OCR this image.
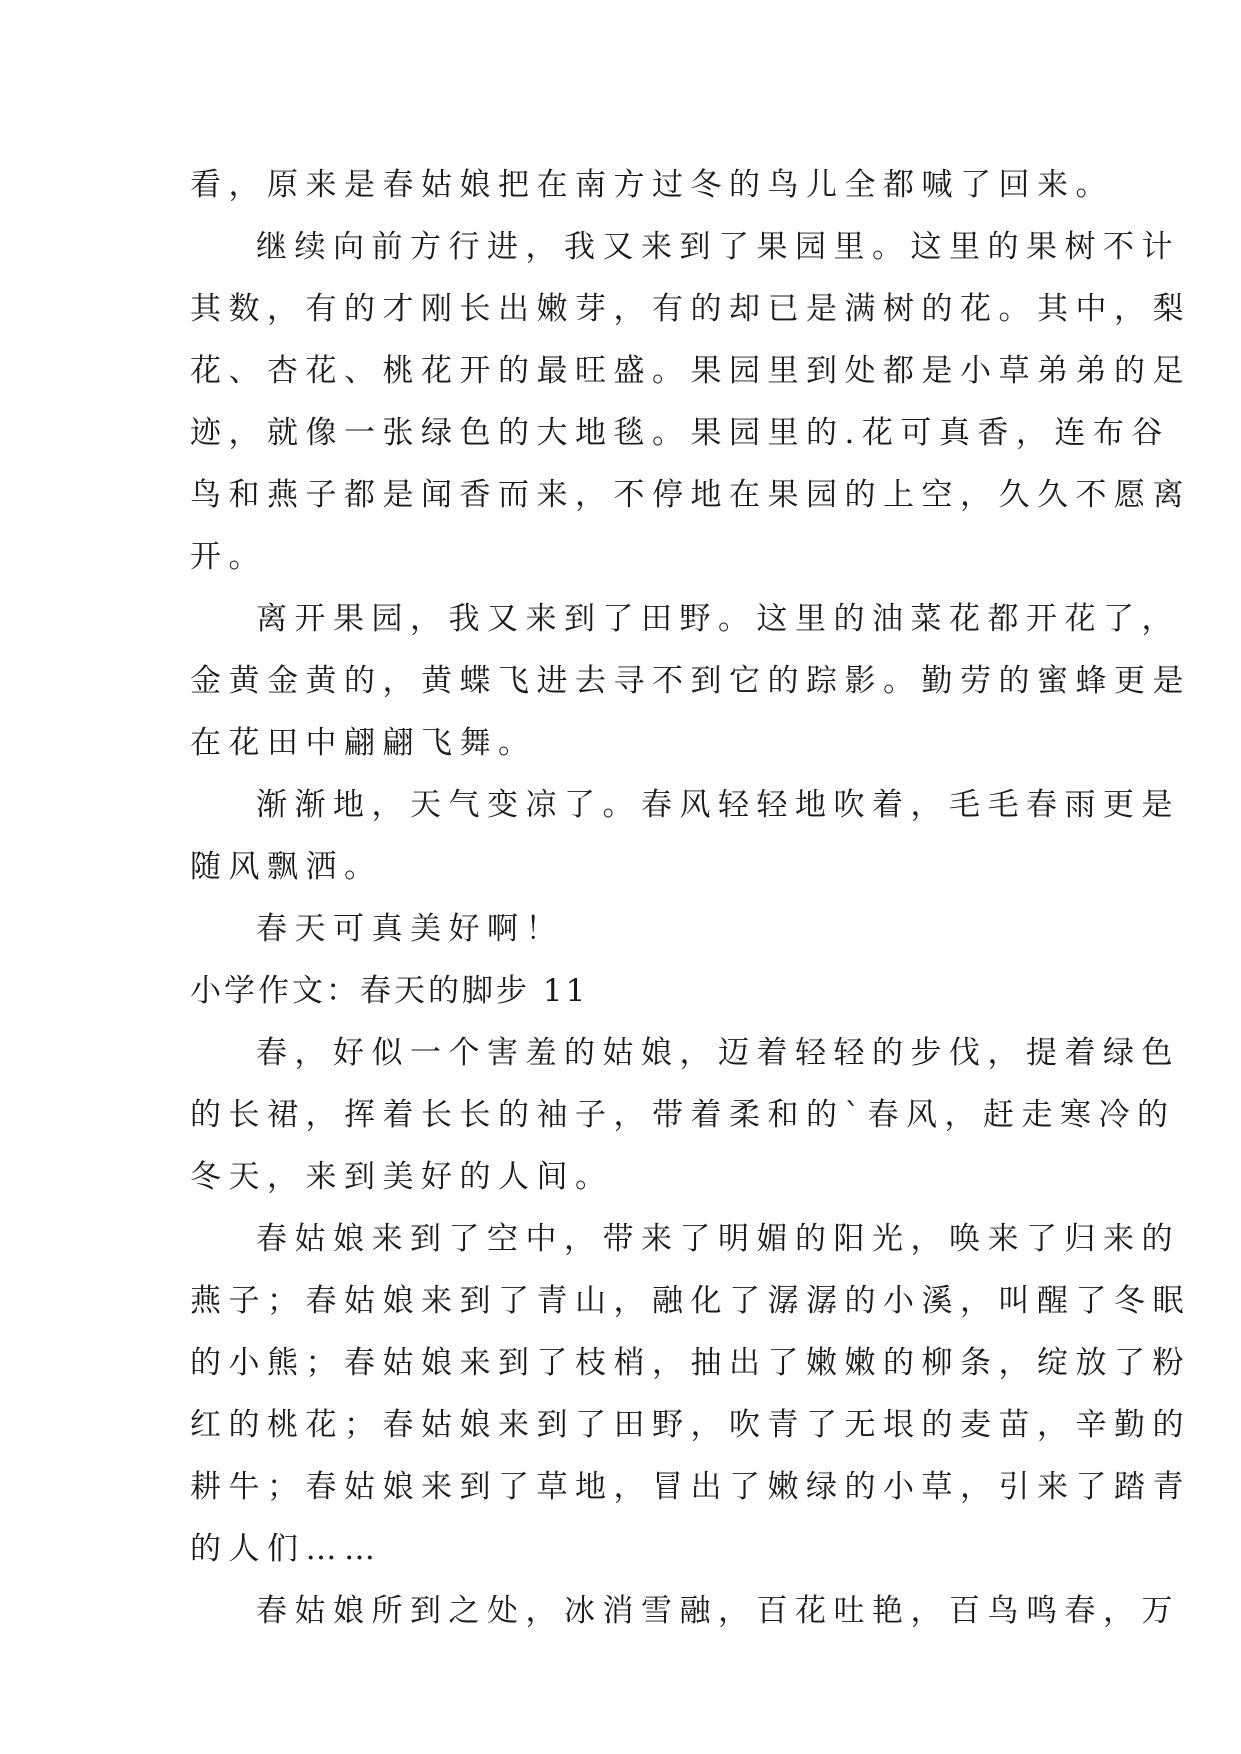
看，原来是春姑娘把在南方过冬的鸟儿全都喊了回来。
继续向前方行进，我又来到了果园里。这里的果树不计
其数，有的才刚长出嫩芽，有的却已是满树的花。其中，梨
花、杏花、桃花开的最旺盛。果园里到处都是小草弟弟的足
迹，就像一张绿色的大地毯。果园里的.花可真香，连布谷
鸟和燕子都是闻香而来，不停地在果园的上空，久久不愿离
开。
离开果园，我又来到了田野。这里的油菜花都开花了，
金黄金黄的，黄蝶飞进去寻不到它的踪影。勤劳的蜜蜂更是
在花田中翩翩飞舞。
渐渐地，天气变凉了。春风轻轻地吹着，毛毛春雨更是
随风飘洒。
春天可真美好啊！
小学作文：春天的脚步 11
春，好似一个害羞的姑娘，迈着轻轻的步伐，提着绿色
的长裙，挥着长长的袖子，带着柔和的`春风，赶走寒冷的
冬天，来到美好的人间。
春姑娘来到了空中，带来了明媚的阳光，唤来了归来的
燕子；春姑娘来到了青山，融化了潺潺的小溪，叫醒了冬眠
的小熊；春姑娘来到了枝梢，抽出了嫩嫩的柳条，绽放了粉
红的桃花；春姑娘来到了田野，吹青了无垠的麦苗，辛勤的
耕牛；春姑娘来到了草地，冒出了嫩绿的小草，引来了踏青
的人们……
春姑娘所到之处，冰消雪融，百花吐艳，百鸟鸣春，万
